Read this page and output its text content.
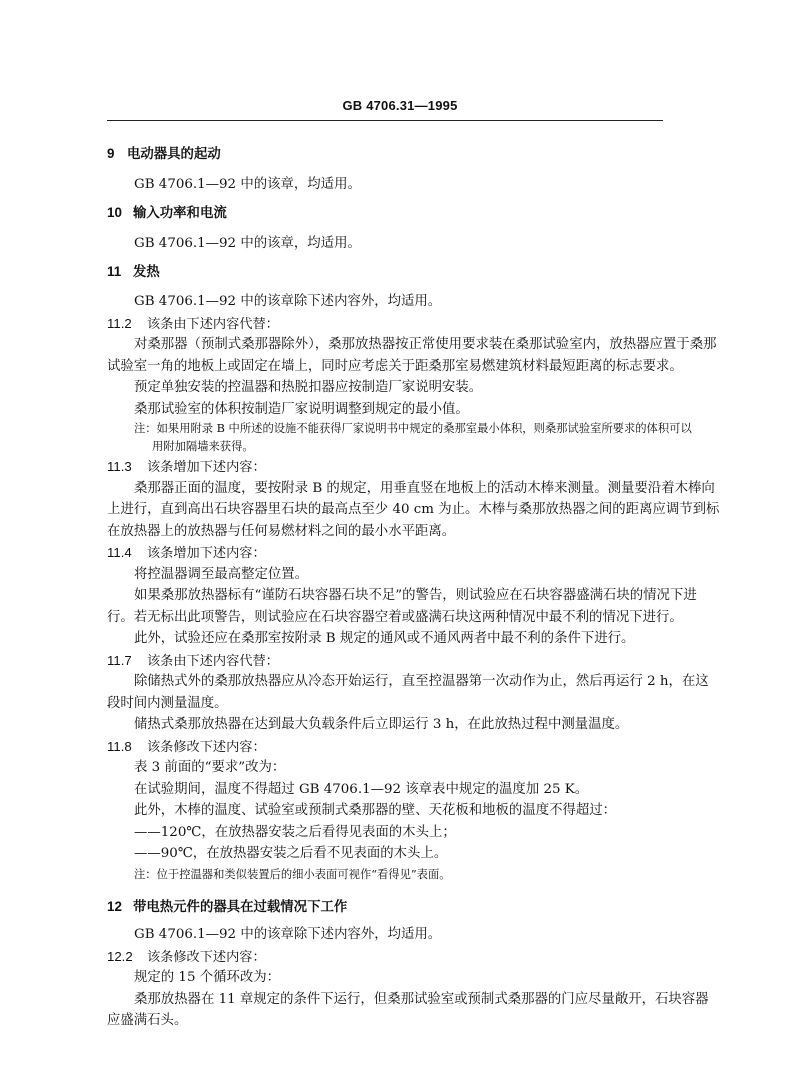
GB 4706.31—1995
9 电动器具的起动
GB 4706.1—92 中的该章，均适用。
10 输入功率和电流
GB 4706.1—92 中的该章，均适用。
11 发热
GB 4706.1—92 中的该章除下述内容外，均适用。
11.2 该条由下述内容代替：
对桑那器（预制式桑那器除外），桑那放热器按正常使用要求装在桑那试验室内，放热器应置于桑那
试验室一角的地板上或固定在墙上，同时应考虑关于距桑那室易燃建筑材料最短距离的标志要求。
预定单独安装的控温器和热脱扣器应按制造厂家说明安装。
桑那试验室的体积按制造厂家说明调整到规定的最小值。
注：如果用附录 B 中所述的设施不能获得厂家说明书中规定的桑那室最小体积，则桑那试验室所要求的体积可以
用附加隔墙来获得。
11.3 该条增加下述内容：
桑那器正面的温度，要按附录 B 的规定，用垂直竖在地板上的活动木棒来测量。测量要沿着木棒向
上进行，直到高出石块容器里石块的最高点至少 40 cm 为止。木棒与桑那放热器之间的距离应调节到标
在放热器上的放热器与任何易燃材料之间的最小水平距离。
11.4 该条增加下述内容：
将控温器调至最高整定位置。
如果桑那放热器标有“谨防石块容器石块不足”的警告，则试验应在石块容器盛满石块的情况下进
行。若无标出此项警告，则试验应在石块容器空着或盛满石块这两种情况中最不利的情况下进行。
此外，试验还应在桑那室按附录 B 规定的通风或不通风两者中最不利的条件下进行。
11.7 该条由下述内容代替：
除储热式外的桑那放热器应从冷态开始运行，直至控温器第一次动作为止，然后再运行 2 h，在这
段时间内测量温度。
储热式桑那放热器在达到最大负载条件后立即运行 3 h，在此放热过程中测量温度。
11.8 该条修改下述内容：
表 3 前面的“要求”改为：
在试验期间，温度不得超过 GB 4706.1—92 该章表中规定的温度加 25 K。
此外，木棒的温度、试验室或预制式桑那器的壁、天花板和地板的温度不得超过：
——120℃，在放热器安装之后看得见表面的木头上；
——90℃，在放热器安装之后看不见表面的木头上。
注：位于控温器和类似装置后的细小表面可视作“看得见”表面。
12 带电热元件的器具在过载情况下工作
GB 4706.1—92 中的该章除下述内容外，均适用。
12.2 该条修改下述内容：
规定的 15 个循环改为：
桑那放热器在 11 章规定的条件下运行，但桑那试验室或预制式桑那器的门应尽量敞开，石块容器
应盛满石头。
